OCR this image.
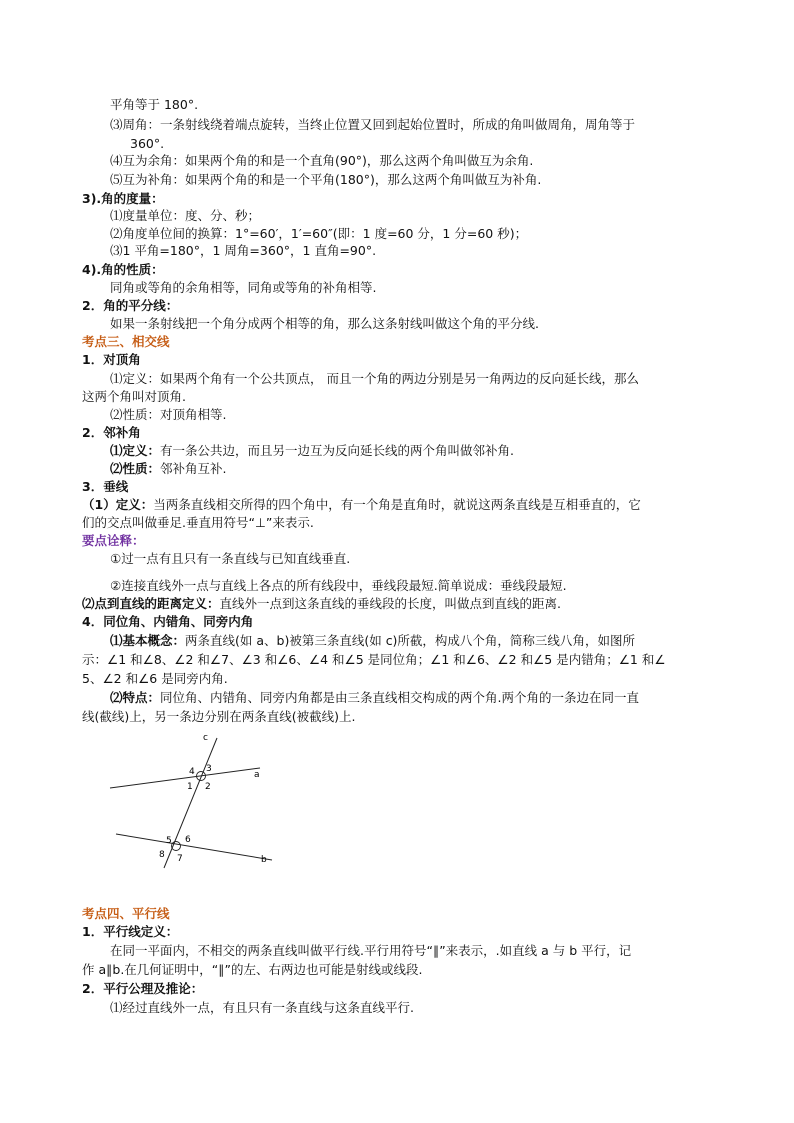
平角等于 180°.
⑶周角：一条射线绕着端点旋转，当终止位置又回到起始位置时，所成的角叫做周角，周角等于
360°.
⑷互为余角：如果两个角的和是一个直角(90°)，那么这两个角叫做互为余角.
⑸互为补角：如果两个角的和是一个平角(180°)，那么这两个角叫做互为补角.
3).角的度量：
⑴度量单位：度、分、秒；
⑵角度单位间的换算：1°=60′，1′=60″(即：1 度=60 分，1 分=60 秒)；
⑶1 平角=180°，1 周角=360°，1 直角=90°.
4).角的性质：
同角或等角的余角相等，同角或等角的补角相等.
2．角的平分线：
如果一条射线把一个角分成两个相等的角，那么这条射线叫做这个角的平分线.
考点三、相交线
1．对顶角
⑴定义：如果两个角有一个公共顶点， 而且一个角的两边分别是另一角两边的反向延长线，那么
这两个角叫对顶角.
⑵性质：对顶角相等.
2．邻补角
⑴定义：有一条公共边，而且另一边互为反向延长线的两个角叫做邻补角.
⑵性质：邻补角互补.
3．垂线
（1）定义：当两条直线相交所得的四个角中，有一个角是直角时，就说这两条直线是互相垂直的，它
们的交点叫做垂足.垂直用符号“⊥”来表示.
要点诠释：
①过一点有且只有一条直线与已知直线垂直.
②连接直线外一点与直线上各点的所有线段中，垂线段最短.简单说成：垂线段最短.
⑵点到直线的距离定义：直线外一点到这条直线的垂线段的长度，叫做点到直线的距离.
4．同位角、内错角、同旁内角
⑴基本概念：两条直线(如 a、b)被第三条直线(如 c)所截，构成八个角，简称三线八角，如图所
示：∠1 和∠8、∠2 和∠7、∠3 和∠6、∠4 和∠5 是同位角；∠1 和∠6、∠2 和∠5 是内错角；∠1 和∠
5、∠2 和∠6 是同旁内角.
⑵特点：同位角、内错角、同旁内角都是由三条直线相交构成的两个角.两个角的一条边在同一直
线(截线)上，另一条边分别在两条直线(被截线)上.
c
a
b
4 3
1 2
5 6
8 7
考点四、平行线
1．平行线定义：
在同一平面内，不相交的两条直线叫做平行线.平行用符号“∥”来表示，.如直线 a 与 b 平行，记
作 a∥b.在几何证明中，“∥”的左、右两边也可能是射线或线段.
2．平行公理及推论：
⑴经过直线外一点，有且只有一条直线与这条直线平行.
